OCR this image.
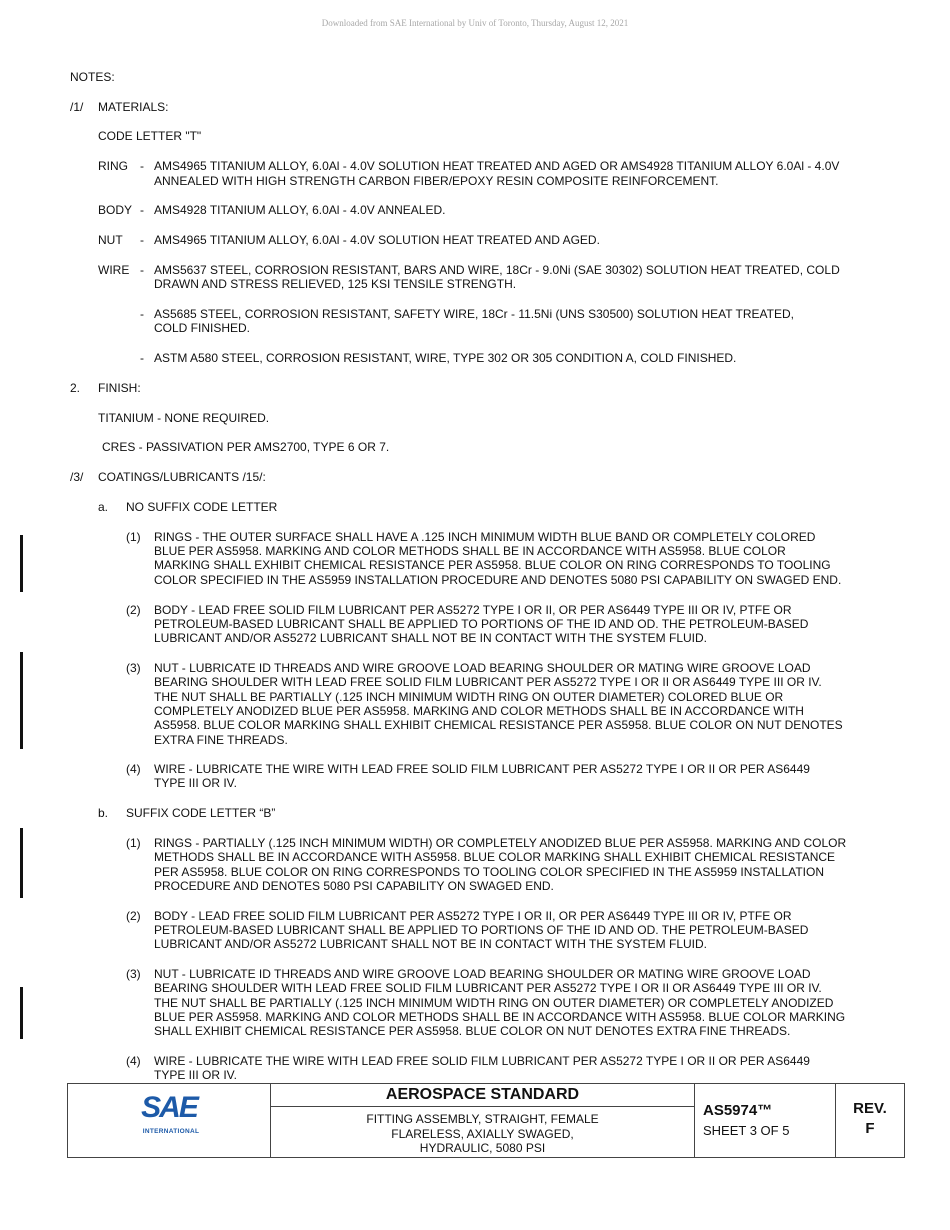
Downloaded from SAE International by Univ of Toronto, Thursday, August 12, 2021
NOTES:
/1/ MATERIALS:
CODE LETTER "T"
RING - AMS4965 TITANIUM ALLOY, 6.0Al - 4.0V SOLUTION HEAT TREATED AND AGED OR AMS4928 TITANIUM ALLOY 6.0Al - 4.0V
ANNEALED WITH HIGH STRENGTH CARBON FIBER/EPOXY RESIN COMPOSITE REINFORCEMENT.
BODY - AMS4928 TITANIUM ALLOY, 6.0Al - 4.0V ANNEALED.
NUT - AMS4965 TITANIUM ALLOY, 6.0Al - 4.0V SOLUTION HEAT TREATED AND AGED.
WIRE - AMS5637 STEEL, CORROSION RESISTANT, BARS AND WIRE, 18Cr - 9.0Ni (SAE 30302) SOLUTION HEAT TREATED, COLD
DRAWN AND STRESS RELIEVED, 125 KSI TENSILE STRENGTH.
- AS5685 STEEL, CORROSION RESISTANT, SAFETY WIRE, 18Cr - 11.5Ni (UNS S30500) SOLUTION HEAT TREATED,
COLD FINISHED.
- ASTM A580 STEEL, CORROSION RESISTANT, WIRE, TYPE 302 OR 305 CONDITION A, COLD FINISHED.
2. FINISH:
TITANIUM - NONE REQUIRED.
CRES - PASSIVATION PER AMS2700, TYPE 6 OR 7.
/3/ COATINGS/LUBRICANTS /15/:
a. NO SUFFIX CODE LETTER
(1) RINGS - THE OUTER SURFACE SHALL HAVE A .125 INCH MINIMUM WIDTH BLUE BAND OR COMPLETELY COLORED
BLUE PER AS5958. MARKING AND COLOR METHODS SHALL BE IN ACCORDANCE WITH AS5958. BLUE COLOR
MARKING SHALL EXHIBIT CHEMICAL RESISTANCE PER AS5958. BLUE COLOR ON RING CORRESPONDS TO TOOLING
COLOR SPECIFIED IN THE AS5959 INSTALLATION PROCEDURE AND DENOTES 5080 PSI CAPABILITY ON SWAGED END.
(2) BODY - LEAD FREE SOLID FILM LUBRICANT PER AS5272 TYPE I OR II, OR PER AS6449 TYPE III OR IV, PTFE OR
PETROLEUM-BASED LUBRICANT SHALL BE APPLIED TO PORTIONS OF THE ID AND OD. THE PETROLEUM-BASED
LUBRICANT AND/OR AS5272 LUBRICANT SHALL NOT BE IN CONTACT WITH THE SYSTEM FLUID.
(3) NUT - LUBRICATE ID THREADS AND WIRE GROOVE LOAD BEARING SHOULDER OR MATING WIRE GROOVE LOAD
BEARING SHOULDER WITH LEAD FREE SOLID FILM LUBRICANT PER AS5272 TYPE I OR II OR AS6449 TYPE III OR IV.
THE NUT SHALL BE PARTIALLY (.125 INCH MINIMUM WIDTH RING ON OUTER DIAMETER) COLORED BLUE OR
COMPLETELY ANODIZED BLUE PER AS5958. MARKING AND COLOR METHODS SHALL BE IN ACCORDANCE WITH
AS5958. BLUE COLOR MARKING SHALL EXHIBIT CHEMICAL RESISTANCE PER AS5958. BLUE COLOR ON NUT DENOTES
EXTRA FINE THREADS.
(4) WIRE - LUBRICATE THE WIRE WITH LEAD FREE SOLID FILM LUBRICANT PER AS5272 TYPE I OR II OR PER AS6449
TYPE III OR IV.
b. SUFFIX CODE LETTER “B”
(1) RINGS - PARTIALLY (.125 INCH MINIMUM WIDTH) OR COMPLETELY ANODIZED BLUE PER AS5958. MARKING AND COLOR
METHODS SHALL BE IN ACCORDANCE WITH AS5958. BLUE COLOR MARKING SHALL EXHIBIT CHEMICAL RESISTANCE
PER AS5958. BLUE COLOR ON RING CORRESPONDS TO TOOLING COLOR SPECIFIED IN THE AS5959 INSTALLATION
PROCEDURE AND DENOTES 5080 PSI CAPABILITY ON SWAGED END.
(2) BODY - LEAD FREE SOLID FILM LUBRICANT PER AS5272 TYPE I OR II, OR PER AS6449 TYPE III OR IV, PTFE OR
PETROLEUM-BASED LUBRICANT SHALL BE APPLIED TO PORTIONS OF THE ID AND OD. THE PETROLEUM-BASED
LUBRICANT AND/OR AS5272 LUBRICANT SHALL NOT BE IN CONTACT WITH THE SYSTEM FLUID.
(3) NUT - LUBRICATE ID THREADS AND WIRE GROOVE LOAD BEARING SHOULDER OR MATING WIRE GROOVE LOAD
BEARING SHOULDER WITH LEAD FREE SOLID FILM LUBRICANT PER AS5272 TYPE I OR II OR AS6449 TYPE III OR IV.
THE NUT SHALL BE PARTIALLY (.125 INCH MINIMUM WIDTH RING ON OUTER DIAMETER) OR COMPLETELY ANODIZED
BLUE PER AS5958. MARKING AND COLOR METHODS SHALL BE IN ACCORDANCE WITH AS5958. BLUE COLOR MARKING
SHALL EXHIBIT CHEMICAL RESISTANCE PER AS5958. BLUE COLOR ON NUT DENOTES EXTRA FINE THREADS.
(4) WIRE - LUBRICATE THE WIRE WITH LEAD FREE SOLID FILM LUBRICANT PER AS5272 TYPE I OR II OR PER AS6449
TYPE III OR IV.
SAE
INTERNATIONAL
AEROSPACE STANDARD
FITTING ASSEMBLY, STRAIGHT, FEMALE
FLARELESS, AXIALLY SWAGED,
HYDRAULIC, 5080 PSI
AS5974™
SHEET 3 OF 5
REV.
F
